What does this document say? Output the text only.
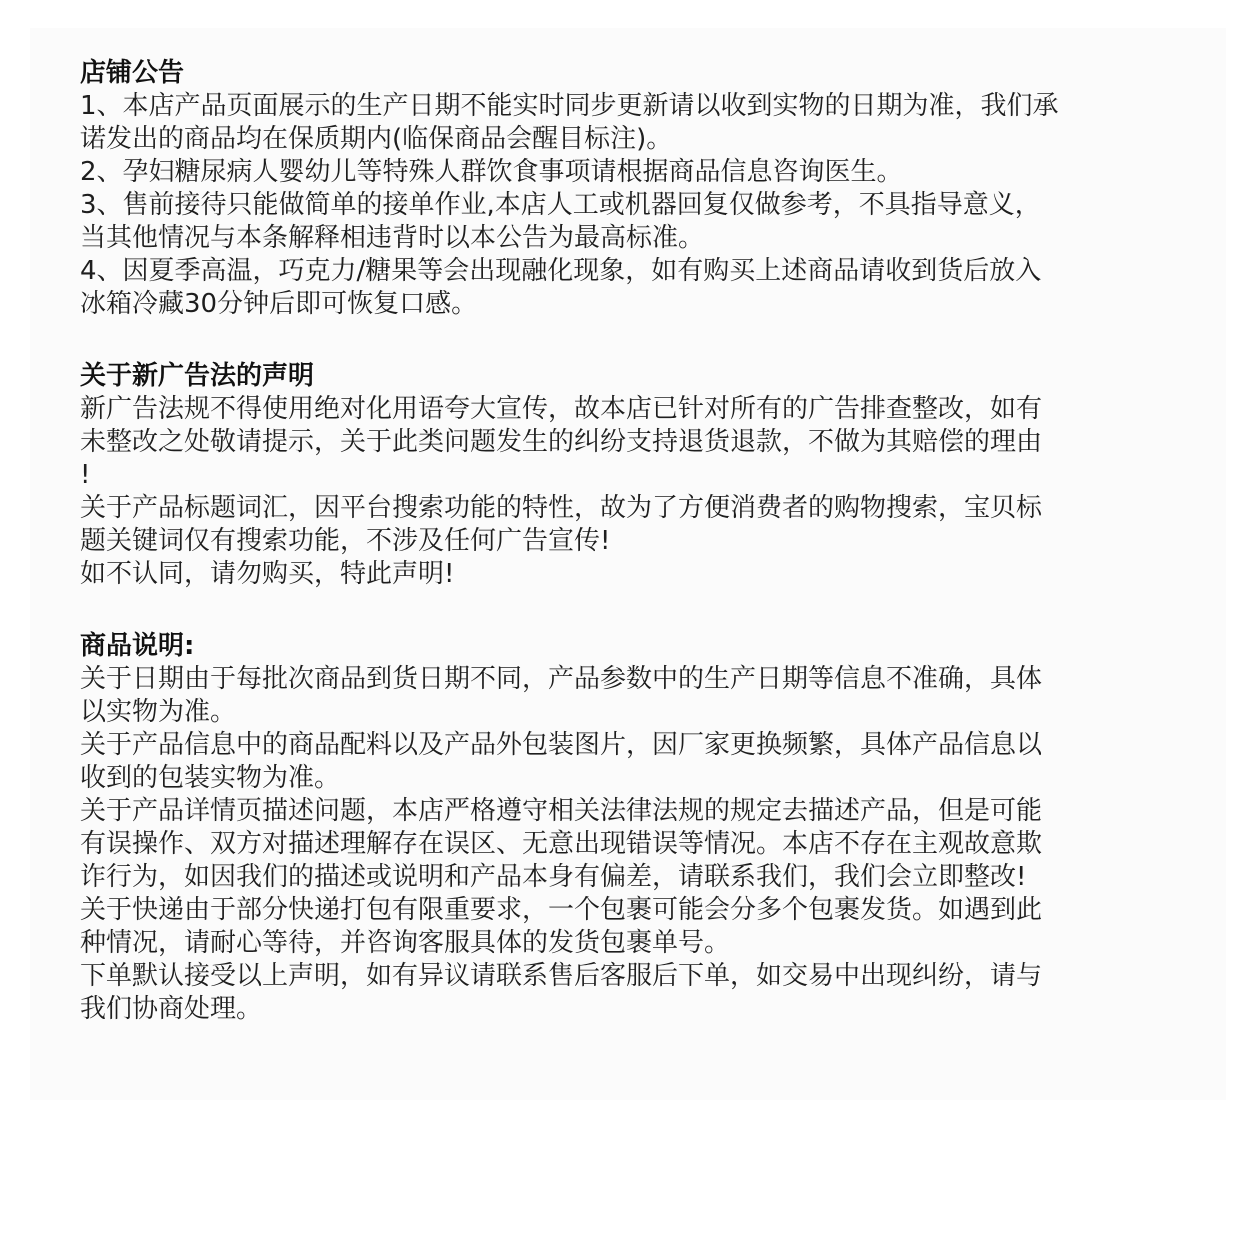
店铺公告

1、本店产品页面展示的生产日期不能实时同步更新请以收到实物的日期为准，我们承

诺发出的商品均在保质期内(临保商品会醒目标注)。

2、孕妇糖尿病人婴幼儿等特殊人群饮食事项请根据商品信息咨询医生。

3、售前接待只能做简单的接单作业,本店人工或机器回复仅做参考，不具指导意义，

当其他情况与本条解释相违背时以本公告为最高标准。

4、因夏季高温，巧克力/糖果等会出现融化现象，如有购买上述商品请收到货后放入

冰箱冷藏30分钟后即可恢复口感。

关于新广告法的声明

新广告法规不得使用绝对化用语夸大宣传，故本店已针对所有的广告排查整改，如有

未整改之处敬请提示，关于此类问题发生的纠纷支持退货退款，不做为其赔偿的理由

!

关于产品标题词汇，因平台搜索功能的特性，故为了方便消费者的购物搜索，宝贝标

题关键词仅有搜索功能，不涉及任何广告宣传!

如不认同，请勿购买，特此声明!

商品说明:

关于日期由于每批次商品到货日期不同，产品参数中的生产日期等信息不准确，具体

以实物为准。

关于产品信息中的商品配料以及产品外包装图片，因厂家更换频繁，具体产品信息以

收到的包装实物为准。

关于产品详情页描述问题，本店严格遵守相关法律法规的规定去描述产品，但是可能

有误操作、双方对描述理解存在误区、无意出现错误等情况。本店不存在主观故意欺

诈行为，如因我们的描述或说明和产品本身有偏差，请联系我们，我们会立即整改!

关于快递由于部分快递打包有限重要求，一个包裹可能会分多个包裹发货。如遇到此

种情况，请耐心等待，并咨询客服具体的发货包裹单号。

下单默认接受以上声明，如有异议请联系售后客服后下单，如交易中出现纠纷，请与

我们协商处理。
